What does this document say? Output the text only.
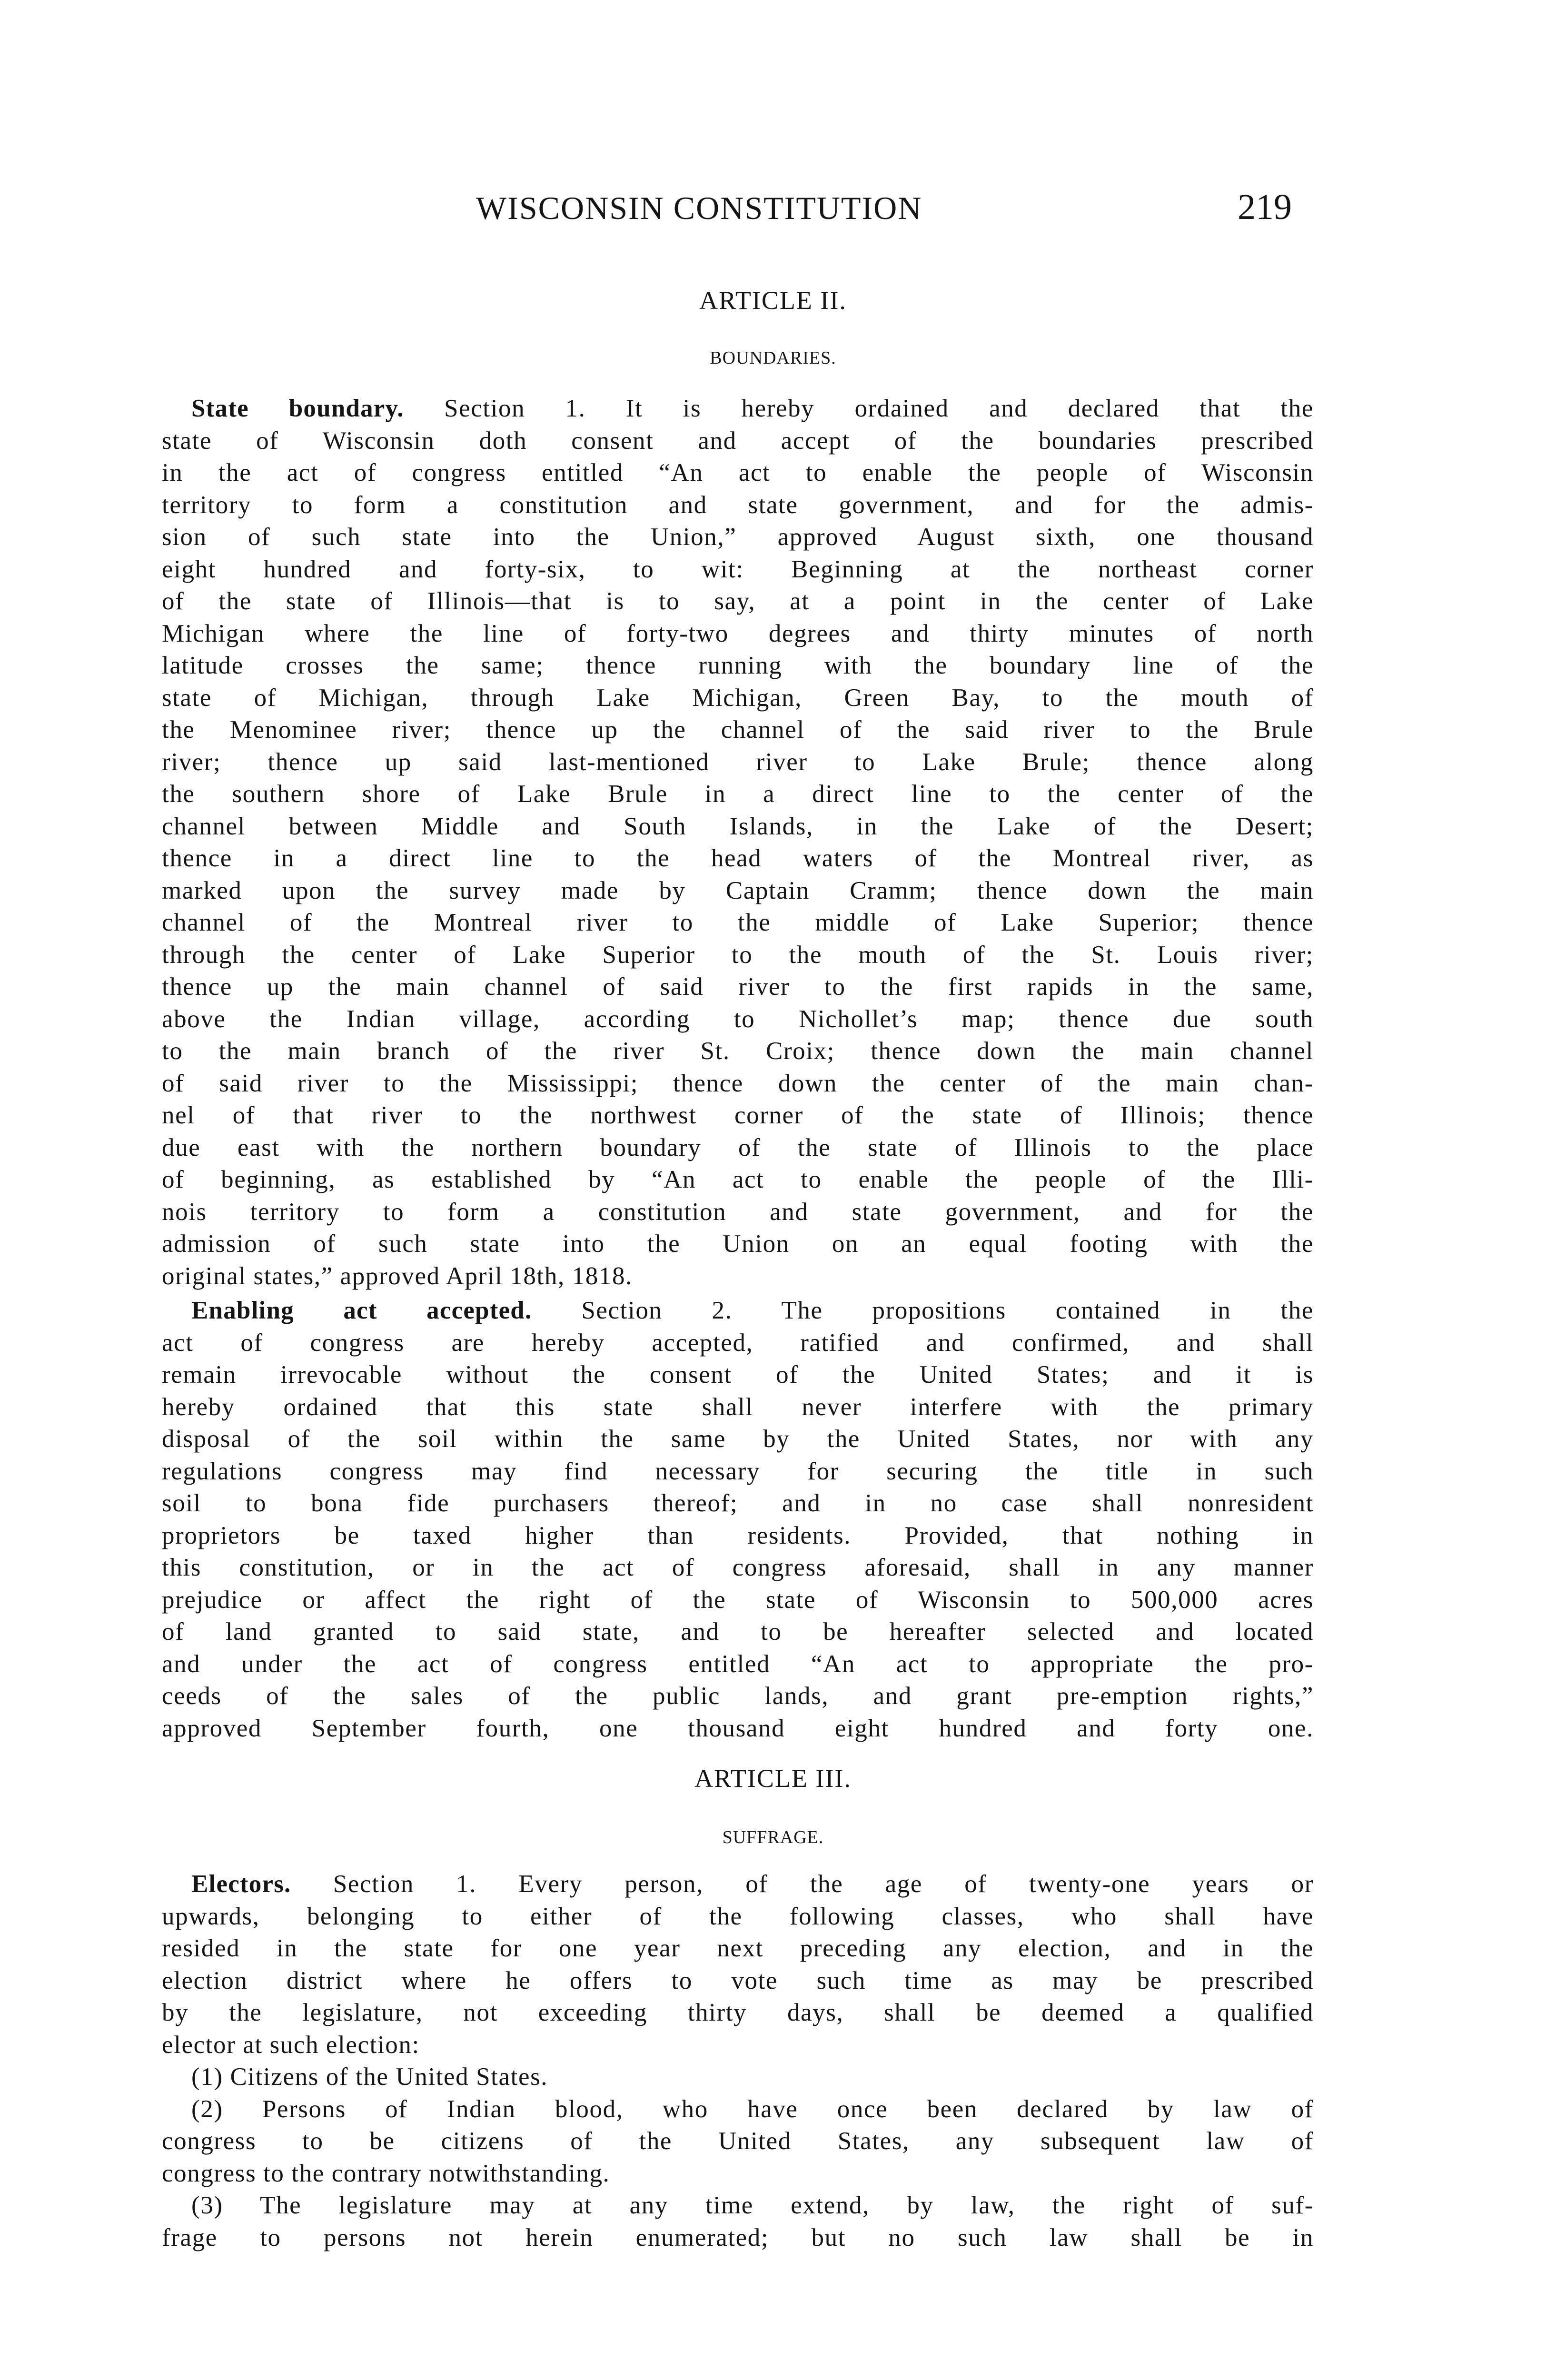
WISCONSIN CONSTITUTION	219
ARTICLE II.
BOUNDARIES.
State boundary. Section 1. It is hereby ordained and declared that the
state of Wisconsin doth consent and accept of the boundaries prescribed
in the act of congress entitled “An act to enable the people of Wisconsin
territory to form a constitution and state government, and for the admis-
sion of such state into the Union,” approved August sixth, one thousand
eight hundred and forty-six, to wit: Beginning at the northeast corner
of the state of Illinois—that is to say, at a point in the center of Lake
Michigan where the line of forty-two degrees and thirty minutes of north
latitude crosses the same; thence running with the boundary line of the
state of Michigan, through Lake Michigan, Green Bay, to the mouth of
the Menominee river; thence up the channel of the said river to the Brule
river; thence up said last-mentioned river to Lake Brule; thence along
the southern shore of Lake Brule in a direct line to the center of the
channel between Middle and South Islands, in the Lake of the Desert;
thence in a direct line to the head waters of the Montreal river, as
marked upon the survey made by Captain Cramm; thence down the main
channel of the Montreal river to the middle of Lake Superior; thence
through the center of Lake Superior to the mouth of the St. Louis river;
thence up the main channel of said river to the first rapids in the same,
above the Indian village, according to Nichollet’s map; thence due south
to the main branch of the river St. Croix; thence down the main channel
of said river to the Mississippi; thence down the center of the main chan-
nel of that river to the northwest corner of the state of Illinois; thence
due east with the northern boundary of the state of Illinois to the place
of beginning, as established by “An act to enable the people of the Illi-
nois territory to form a constitution and state government, and for the
admission of such state into the Union on an equal footing with the
original states,” approved April 18th, 1818.
Enabling act accepted. Section 2. The propositions contained in the
act of congress are hereby accepted, ratified and confirmed, and shall
remain irrevocable without the consent of the United States; and it is
hereby ordained that this state shall never interfere with the primary
disposal of the soil within the same by the United States, nor with any
regulations congress may find necessary for securing the title in such
soil to bona fide purchasers thereof; and in no case shall nonresident
proprietors be taxed higher than residents. Provided, that nothing in
this constitution, or in the act of congress aforesaid, shall in any manner
prejudice or affect the right of the state of Wisconsin to 500,000 acres
of land granted to said state, and to be hereafter selected and located
and under the act of congress entitled “An act to appropriate the pro-
ceeds of the sales of the public lands, and grant pre-emption rights,”
approved September fourth, one thousand eight hundred and forty one.
ARTICLE III.
SUFFRAGE.
Electors. Section 1. Every person, of the age of twenty-one years or
upwards, belonging to either of the following classes, who shall have
resided in the state for one year next preceding any election, and in the
election district where he offers to vote such time as may be prescribed
by the legislature, not exceeding thirty days, shall be deemed a qualified
elector at such election:
(1) Citizens of the United States.
(2) Persons of Indian blood, who have once been declared by law of
congress to be citizens of the United States, any subsequent law of
congress to the contrary notwithstanding.
(3) The legislature may at any time extend, by law, the right of suf-
frage to persons not herein enumerated; but no such law shall be in
